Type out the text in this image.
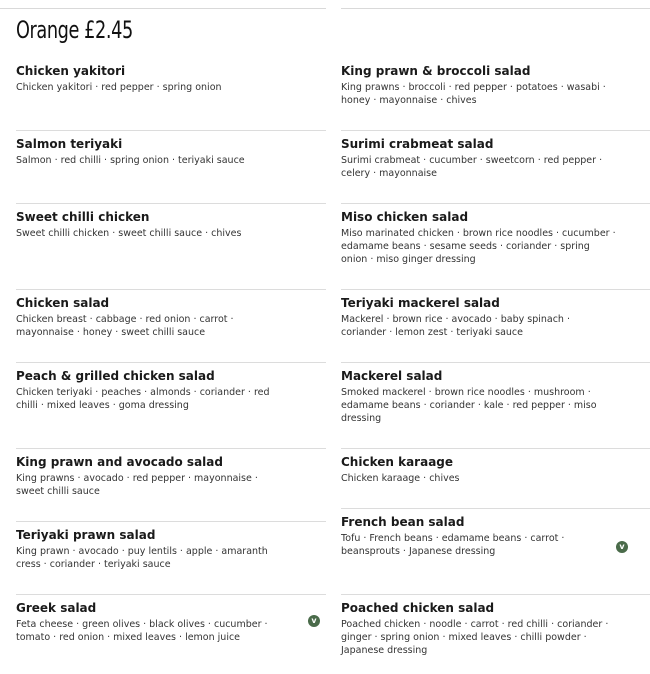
Orange £2.45
Chicken yakitori

Chicken yakitori · red pepper · spring onion

Salmon teriyaki

Salmon · red chilli · spring onion · teriyaki sauce

Sweet chilli chicken

Sweet chilli chicken · sweet chilli sauce · chives

Chicken salad

Chicken breast · cabbage · red onion · carrot · mayonnaise · honey · sweet chilli sauce

Peach & grilled chicken salad

Chicken teriyaki · peaches · almonds · coriander · red chilli · mixed leaves · goma dressing

King prawn and avocado salad

King prawns · avocado · red pepper · mayonnaise · sweet chilli sauce

Teriyaki prawn salad

King prawn · avocado · puy lentils · apple · amaranth cress · coriander · teriyaki sauce

Greek salad

Feta cheese · green olives · black olives · cucumber · tomato · red onion · mixed leaves · lemon juice

v
King prawn & broccoli salad

King prawns · broccoli · red pepper · potatoes · wasabi · honey · mayonnaise · chives

Surimi crabmeat salad

Surimi crabmeat · cucumber · sweetcorn · red pepper · celery · mayonnaise

Miso chicken salad

Miso marinated chicken · brown rice noodles · cucumber · edamame beans · sesame seeds · coriander · spring onion · miso ginger dressing

Teriyaki mackerel salad

Mackerel · brown rice · avocado · baby spinach · coriander · lemon zest · teriyaki sauce

Mackerel salad

Smoked mackerel · brown rice noodles · mushroom · edamame beans · coriander · kale · red pepper · miso dressing

Chicken karaage

Chicken karaage · chives

French bean salad

Tofu · French beans · edamame beans · carrot · beansprouts · Japanese dressing	v
Poached chicken salad

Poached chicken · noodle · carrot · red chilli · coriander · ginger · spring onion · mixed leaves · chilli powder · Japanese dressing
